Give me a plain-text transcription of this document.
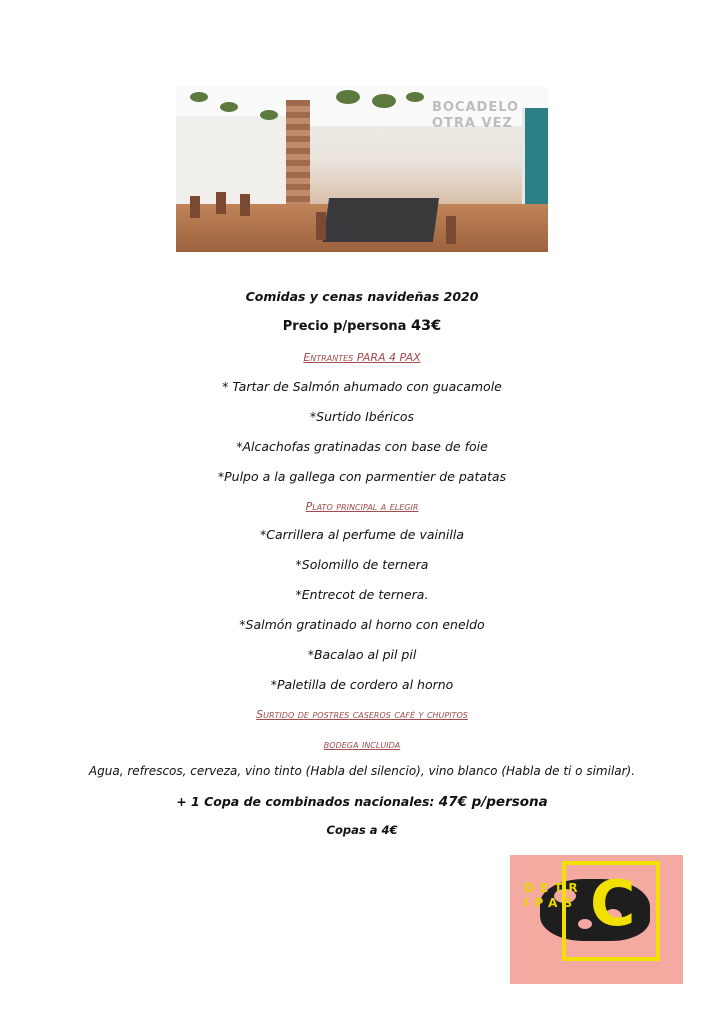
BOCADELO
OTRA VEZ
Comidas y cenas navideñas 2020
Precio p/persona 43€
Entrantes PARA 4 PAX
* Tartar de Salmón ahumado con guacamole
*Surtido Ibéricos
*Alcachofas gratinadas con base de foie
*Pulpo a la gallega con parmentier de patatas
Plato principal a elegir
*Carrillera al perfume de vainilla
*Solomillo de ternera
*Entrecot de ternera.
*Salmón gratinado al horno con eneldo
*Bacalao al pil pil
*Paletilla de cordero al horno
Surtido de postres caseros café y chupitos
bodega incluida
Agua, refrescos, cerveza, vino tinto (Habla del silencio), vino blanco (Habla de ti o similar).
+ 1 Copa de combinados nacionales: 47€ p/persona
Copas a 4€
C
DETRIPAS
